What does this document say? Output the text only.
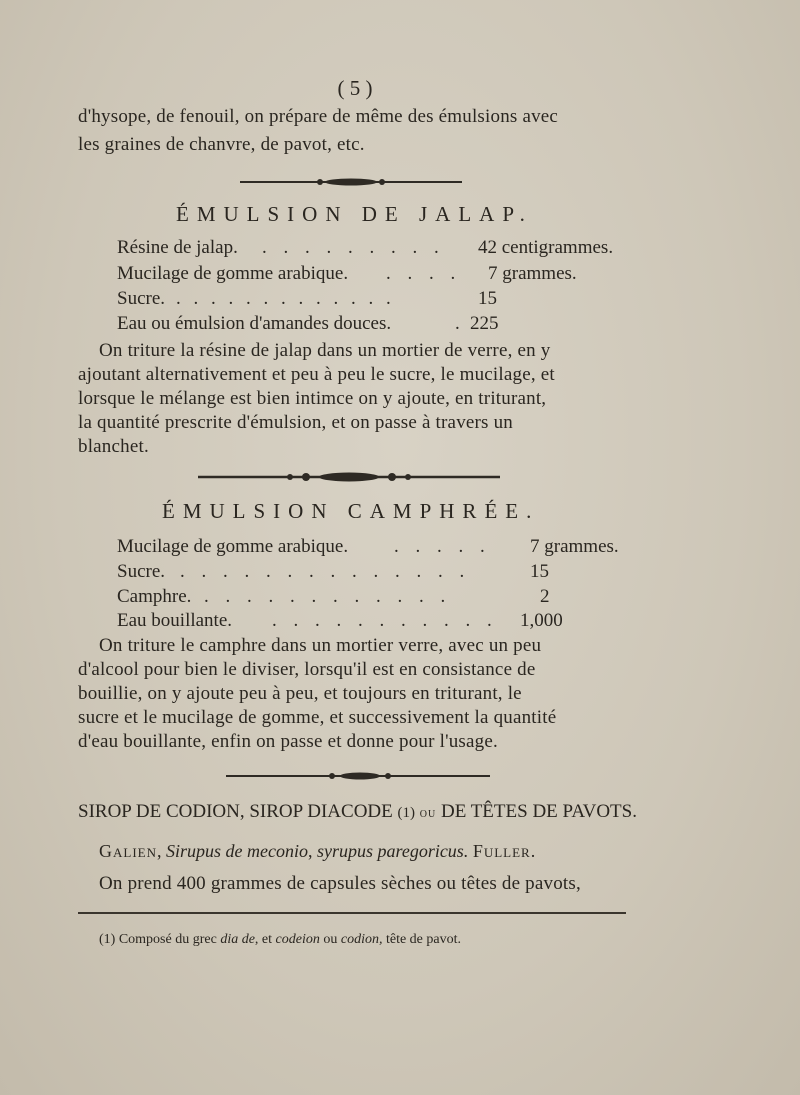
( 5 )
d'hysope, de fenouil, on prépare de même des émulsions avec
les graines de chanvre, de pavot, etc.
ÉMULSION DE JALAP.
Résine de jalap. . . . . . . . . . 42 centigrammes.
Mucilage de gomme arabique. . . . . 7 grammes.
Sucre. . . . . . . . . . . . . .	15
Eau ou émulsion d'amandes douces.	. 225
On triture la résine de jalap dans un mortier de verre, en y
ajoutant alternativement et peu à peu le sucre, le mucilage, et
lorsque le mélange est bien intimce on y ajoute, en triturant,
la quantité prescrite d'émulsion, et on passe à travers un
blanchet.
ÉMULSION CAMPHRÉE.
Mucilage de gomme arabique. . . . . . 7 grammes.
Sucre. . . . . . . . . . . . . . .	15
Camphre. . . . . . . . . . . . .	2
Eau bouillante. . . . . . . . . . . . 1,000
On triture le camphre dans un mortier verre, avec un peu
d'alcool pour bien le diviser, lorsqu'il est en consistance de
bouillie, on y ajoute peu à peu, et toujours en triturant, le
sucre et le mucilage de gomme, et successivement la quantité
d'eau bouillante, enfin on passe et donne pour l'usage.
SIROP DE CODION, SIROP DIACODE (1) ou DE TÊTES DE PAVOTS.
Galien, Sirupus de meconio, syrupus paregoricus. Fuller.
On prend 400 grammes de capsules sèches ou têtes de pavots,
(1) Composé du grec dia de, et codeion ou codion, tête de pavot.
